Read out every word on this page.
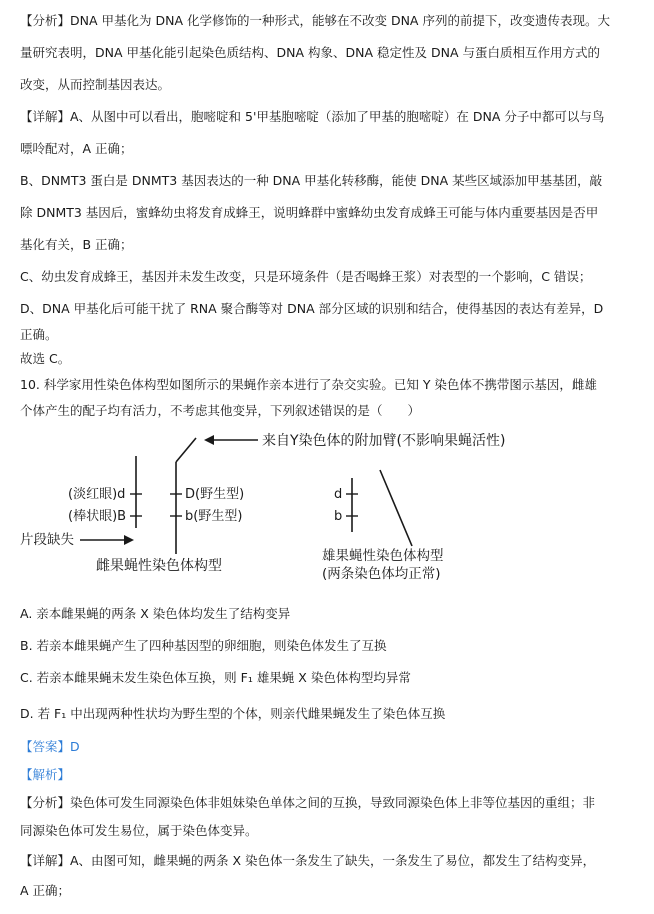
【分析】DNA 甲基化为 DNA 化学修饰的一种形式，能够在不改变 DNA 序列的前提下，改变遗传表现。大
量研究表明，DNA 甲基化能引起染色质结构、DNA 构象、DNA 稳定性及 DNA 与蛋白质相互作用方式的
改变，从而控制基因表达。
【详解】A、从图中可以看出，胞嘧啶和 5'甲基胞嘧啶（添加了甲基的胞嘧啶）在 DNA 分子中都可以与鸟
嘌呤配对，A 正确；
B、DNMT3 蛋白是 DNMT3 基因表达的一种 DNA 甲基化转移酶，能使 DNA 某些区域添加甲基基团，敲
除 DNMT3 基因后，蜜蜂幼虫将发育成蜂王，说明蜂群中蜜蜂幼虫发育成蜂王可能与体内重要基因是否甲
基化有关，B 正确；
C、幼虫发育成蜂王，基因并未发生改变，只是环境条件（是否喝蜂王浆）对表型的一个影响，C 错误；
D、DNA 甲基化后可能干扰了 RNA 聚合酶等对 DNA 部分区域的识别和结合，使得基因的表达有差异，D
正确。
故选 C。
10. 科学家用性染色体构型如图所示的果蝇作亲本进行了杂交实验。已知 Y 染色体不携带图示基因，雌雄
个体产生的配子均有活力，不考虑其他变异，下列叙述错误的是（　　）
来自Y染色体的附加臂(不影响果蝇活性)
(淡红眼)d
(棒状眼)B
D(野生型)
b(野生型)
片段缺失
雌果蝇性染色体构型
d
b
雄果蝇性染色体构型
(两条染色体均正常)
A. 亲本雌果蝇的两条 X 染色体均发生了结构变异
B. 若亲本雌果蝇产生了四种基因型的卵细胞，则染色体发生了互换
C. 若亲本雌果蝇未发生染色体互换，则 F₁ 雄果蝇 X 染色体构型均异常
D. 若 F₁ 中出现两种性状均为野生型的个体，则亲代雌果蝇发生了染色体互换
【答案】D
【解析】
【分析】染色体可发生同源染色体非姐妹染色单体之间的互换，导致同源染色体上非等位基因的重组；非
同源染色体可发生易位，属于染色体变异。
【详解】A、由图可知，雌果蝇的两条 X 染色体一条发生了缺失，一条发生了易位，都发生了结构变异，
A 正确；
